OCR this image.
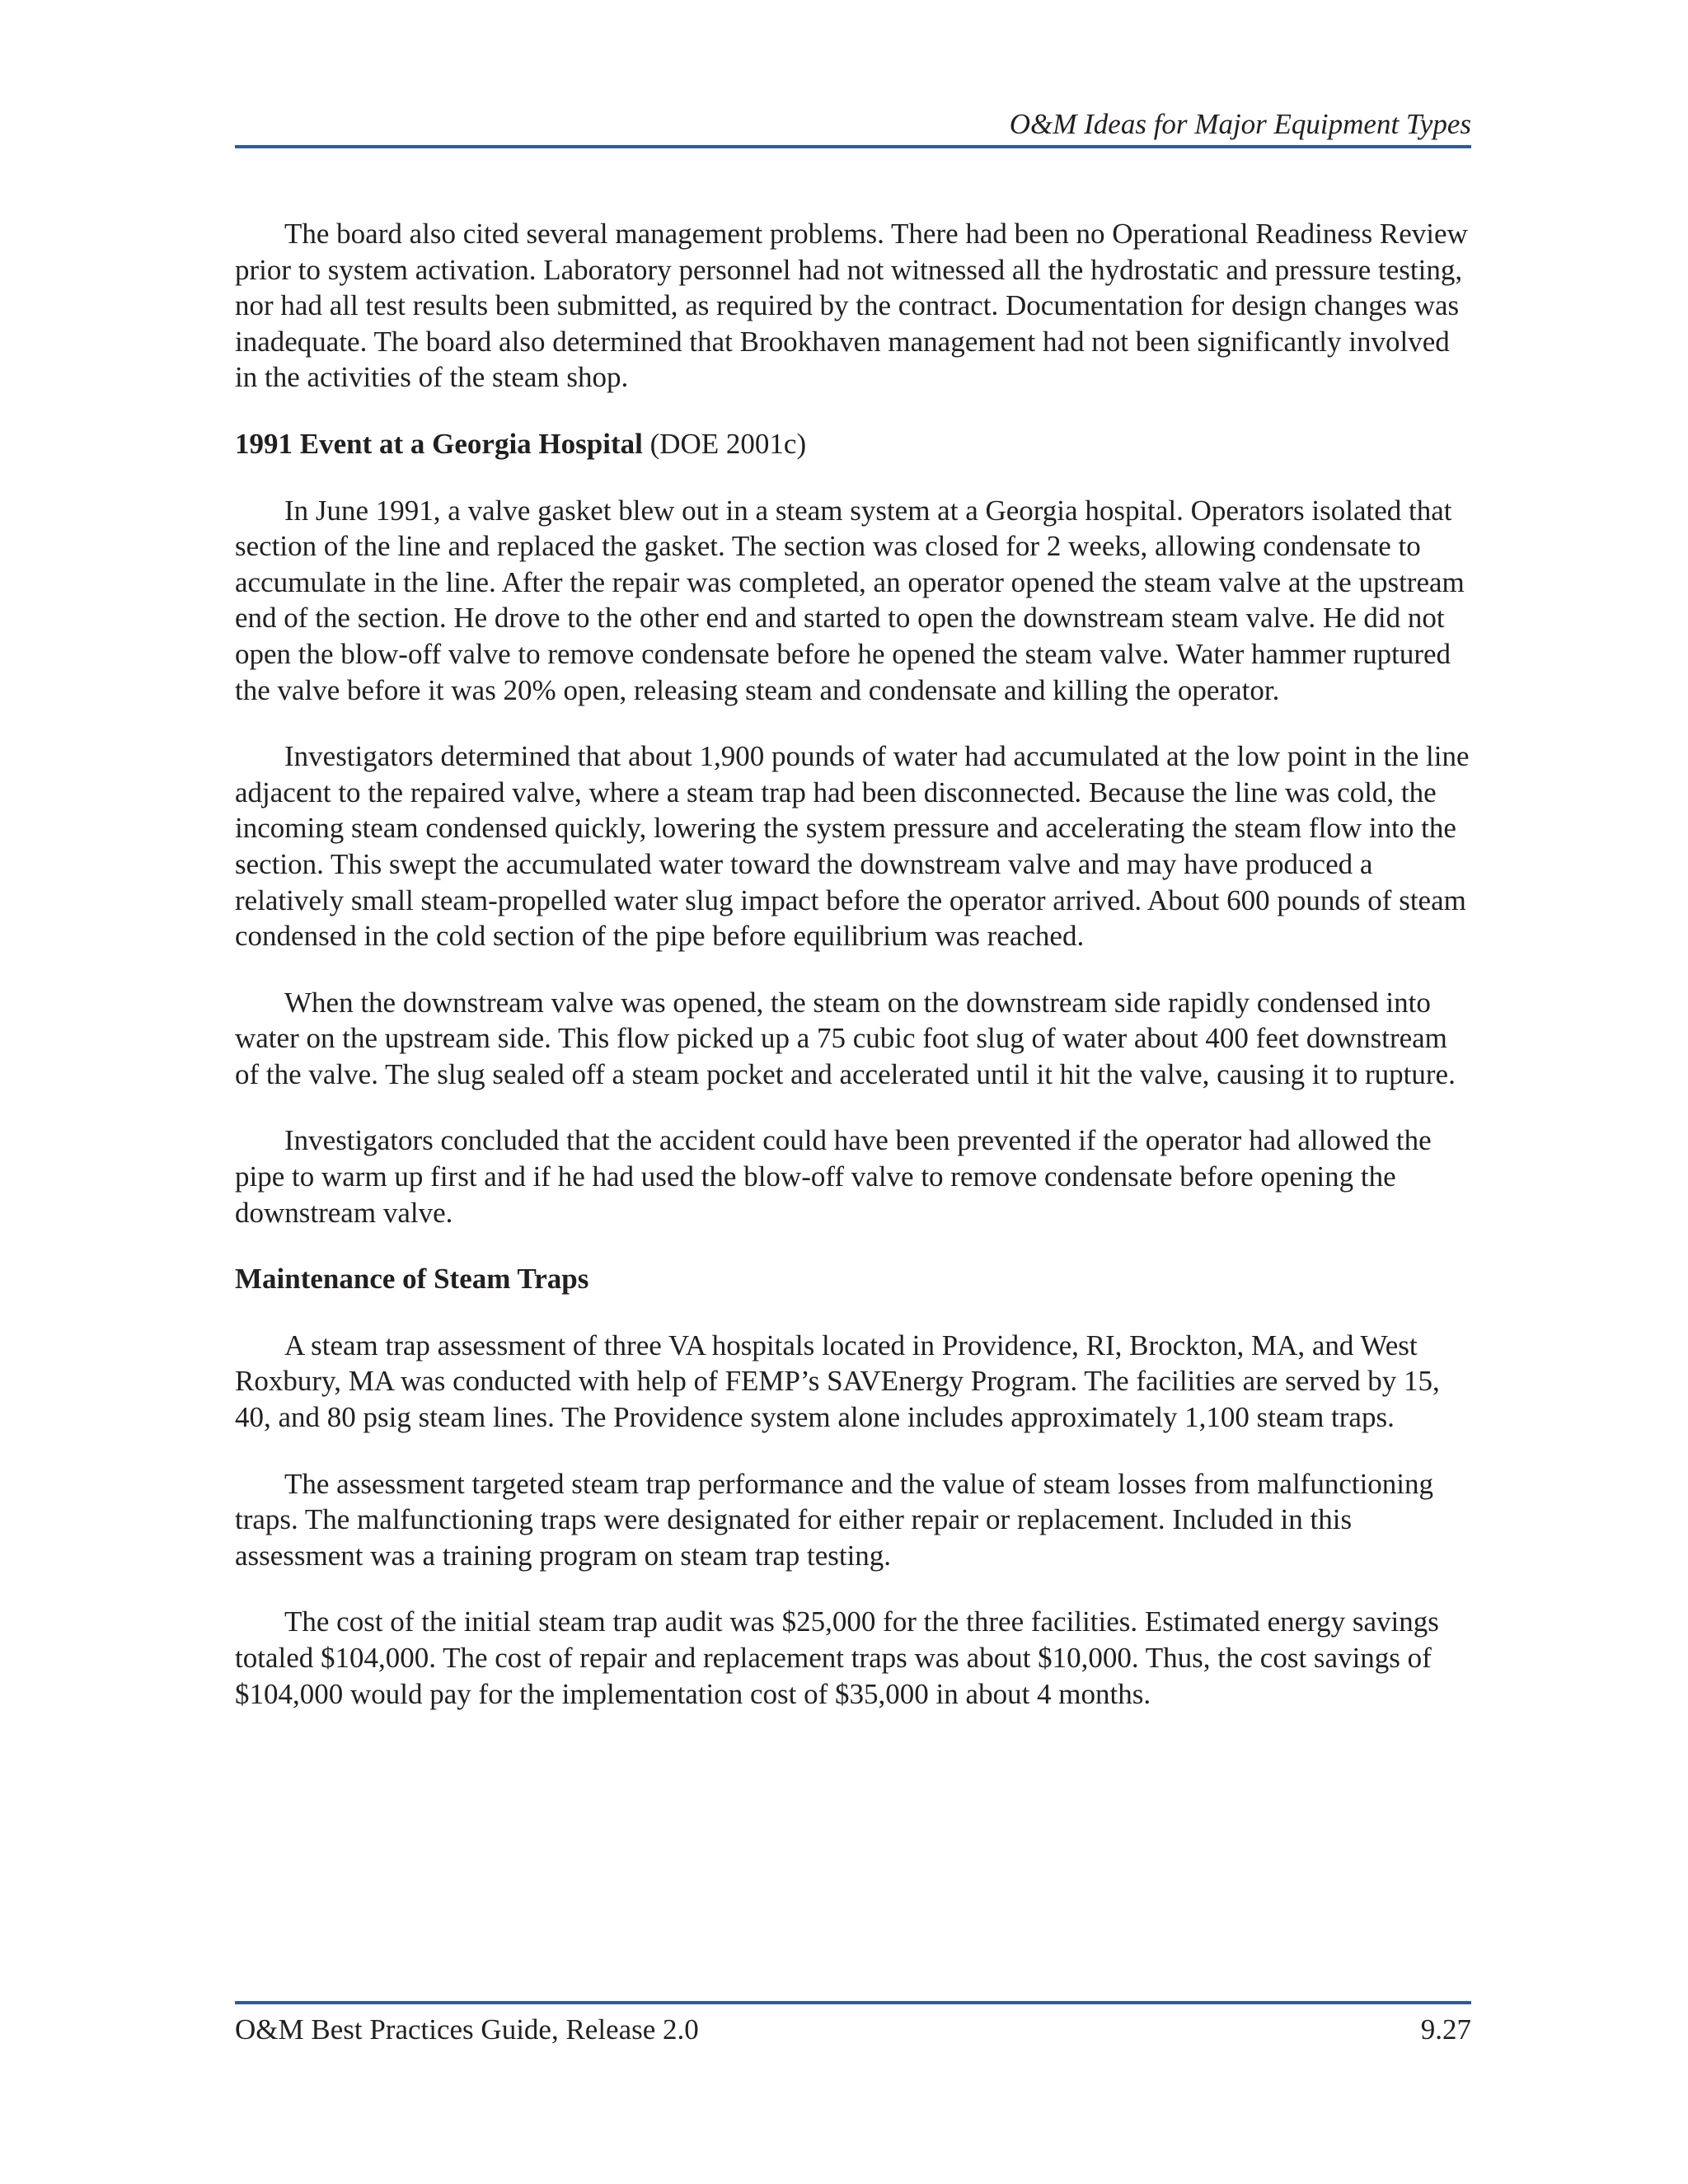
O&M Ideas for Major Equipment Types

The board also cited several management problems. There had been no Operational Readiness Review prior to system activation. Laboratory personnel had not witnessed all the hydrostatic and pressure testing, nor had all test results been submitted, as required by the contract. Documentation for design changes was inadequate. The board also determined that Brookhaven management had not been significantly involved in the activities of the steam shop.

1991 Event at a Georgia Hospital (DOE 2001c)

In June 1991, a valve gasket blew out in a steam system at a Georgia hospital. Operators isolated that section of the line and replaced the gasket. The section was closed for 2 weeks, allowing condensate to accumulate in the line. After the repair was completed, an operator opened the steam valve at the upstream end of the section. He drove to the other end and started to open the downstream steam valve. He did not open the blow-off valve to remove condensate before he opened the steam valve. Water hammer ruptured the valve before it was 20% open, releasing steam and condensate and killing the operator.

Investigators determined that about 1,900 pounds of water had accumulated at the low point in the line adjacent to the repaired valve, where a steam trap had been disconnected. Because the line was cold, the incoming steam condensed quickly, lowering the system pressure and accelerating the steam flow into the section. This swept the accumulated water toward the downstream valve and may have produced a relatively small steam-propelled water slug impact before the operator arrived. About 600 pounds of steam condensed in the cold section of the pipe before equilibrium was reached.

When the downstream valve was opened, the steam on the downstream side rapidly condensed into water on the upstream side. This flow picked up a 75 cubic foot slug of water about 400 feet downstream of the valve. The slug sealed off a steam pocket and accelerated until it hit the valve, causing it to rupture.

Investigators concluded that the accident could have been prevented if the operator had allowed the pipe to warm up first and if he had used the blow-off valve to remove condensate before opening the downstream valve.

Maintenance of Steam Traps

A steam trap assessment of three VA hospitals located in Providence, RI, Brockton, MA, and West Roxbury, MA was conducted with help of FEMP’s SAVEnergy Program. The facilities are served by 15, 40, and 80 psig steam lines. The Providence system alone includes approximately 1,100 steam traps.

The assessment targeted steam trap performance and the value of steam losses from malfunctioning traps. The malfunctioning traps were designated for either repair or replacement. Included in this assessment was a training program on steam trap testing.

The cost of the initial steam trap audit was $25,000 for the three facilities. Estimated energy savings totaled $104,000. The cost of repair and replacement traps was about $10,000. Thus, the cost savings of $104,000 would pay for the implementation cost of $35,000 in about 4 months.

O&M Best Practices Guide, Release 2.0	9.27
